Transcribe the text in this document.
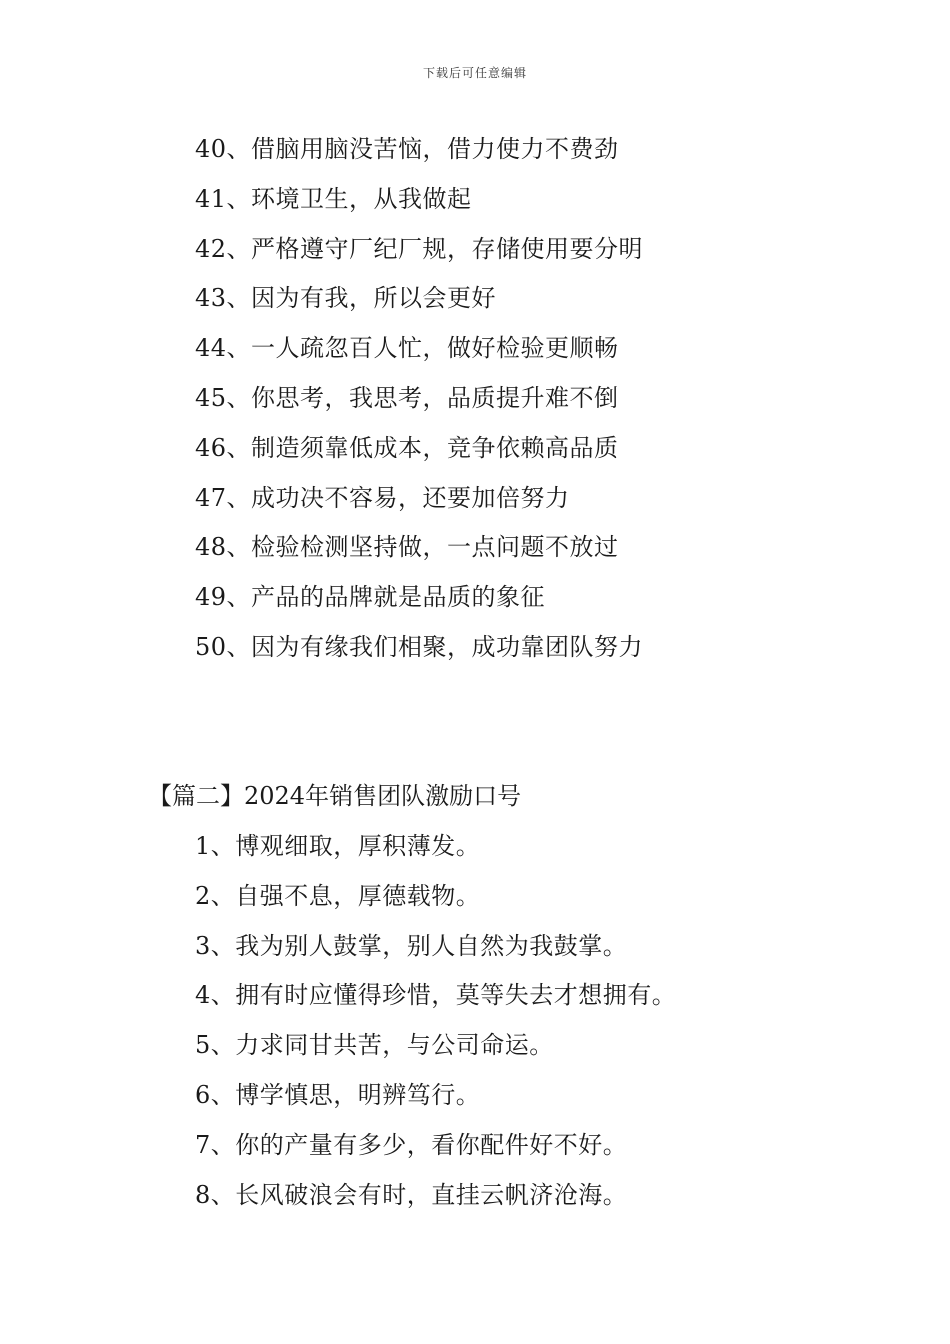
下载后可任意编辑
40、借脑用脑没苦恼，借力使力不费劲
41、环境卫生，从我做起
42、严格遵守厂纪厂规，存储使用要分明
43、因为有我，所以会更好
44、一人疏忽百人忙，做好检验更顺畅
45、你思考，我思考，品质提升难不倒
46、制造须靠低成本，竞争依赖高品质
47、成功决不容易，还要加倍努力
48、检验检测坚持做，一点问题不放过
49、产品的品牌就是品质的象征
50、因为有缘我们相聚，成功靠团队努力
【篇二】2024年销售团队激励口号
1、博观细取，厚积薄发。
2、自强不息，厚德载物。
3、我为别人鼓掌，别人自然为我鼓掌。
4、拥有时应懂得珍惜，莫等失去才想拥有。
5、力求同甘共苦，与公司命运。
6、博学慎思，明辨笃行。
7、你的产量有多少，看你配件好不好。
8、长风破浪会有时，直挂云帆济沧海。
